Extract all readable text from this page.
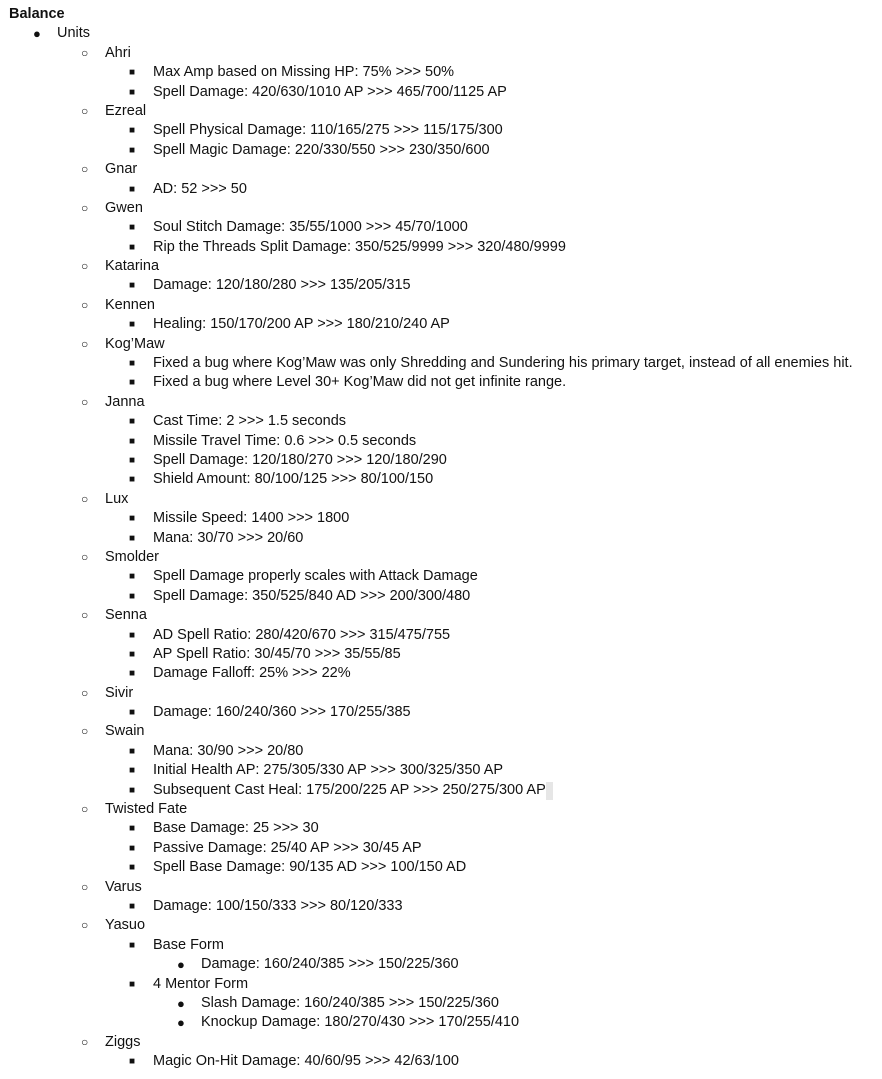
Balance
● Units
○ Ahri
■ Max Amp based on Missing HP: 75% >>> 50%
■ Spell Damage: 420/630/1010 AP >>> 465/700/1125 AP
○ Ezreal
■ Spell Physical Damage: 110/165/275 >>> 115/175/300
■ Spell Magic Damage: 220/330/550 >>> 230/350/600
○ Gnar
■ AD: 52 >>> 50
○ Gwen
■ Soul Stitch Damage: 35/55/1000 >>> 45/70/1000
■ Rip the Threads Split Damage: 350/525/9999 >>> 320/480/9999
○ Katarina
■ Damage: 120/180/280 >>> 135/205/315
○ Kennen
■ Healing: 150/170/200 AP >>> 180/210/240 AP
○ Kog’Maw
■ Fixed a bug where Kog’Maw was only Shredding and Sundering his primary target, instead of all enemies hit.
■ Fixed a bug where Level 30+ Kog’Maw did not get infinite range.
○ Janna
■ Cast Time: 2 >>> 1.5 seconds
■ Missile Travel Time: 0.6 >>> 0.5 seconds
■ Spell Damage: 120/180/270 >>> 120/180/290
■ Shield Amount: 80/100/125 >>> 80/100/150
○ Lux
■ Missile Speed: 1400 >>> 1800
■ Mana: 30/70 >>> 20/60
○ Smolder
■ Spell Damage properly scales with Attack Damage
■ Spell Damage: 350/525/840 AD >>> 200/300/480
○ Senna
■ AD Spell Ratio: 280/420/670 >>> 315/475/755
■ AP Spell Ratio: 30/45/70 >>> 35/55/85
■ Damage Falloff: 25% >>> 22%
○ Sivir
■ Damage: 160/240/360 >>> 170/255/385
○ Swain
■ Mana: 30/90 >>> 20/80
■ Initial Health AP: 275/305/330 AP >>> 300/325/350 AP
■ Subsequent Cast Heal: 175/200/225 AP >>> 250/275/300 AP
○ Twisted Fate
■ Base Damage: 25 >>> 30
■ Passive Damage: 25/40 AP >>> 30/45 AP
■ Spell Base Damage: 90/135 AD >>> 100/150 AD
○ Varus
■ Damage: 100/150/333 >>> 80/120/333
○ Yasuo
■ Base Form
● Damage: 160/240/385 >>> 150/225/360
■ 4 Mentor Form
● Slash Damage: 160/240/385 >>> 150/225/360
● Knockup Damage: 180/270/430 >>> 170/255/410
○ Ziggs
■ Magic On-Hit Damage: 40/60/95 >>> 42/63/100
